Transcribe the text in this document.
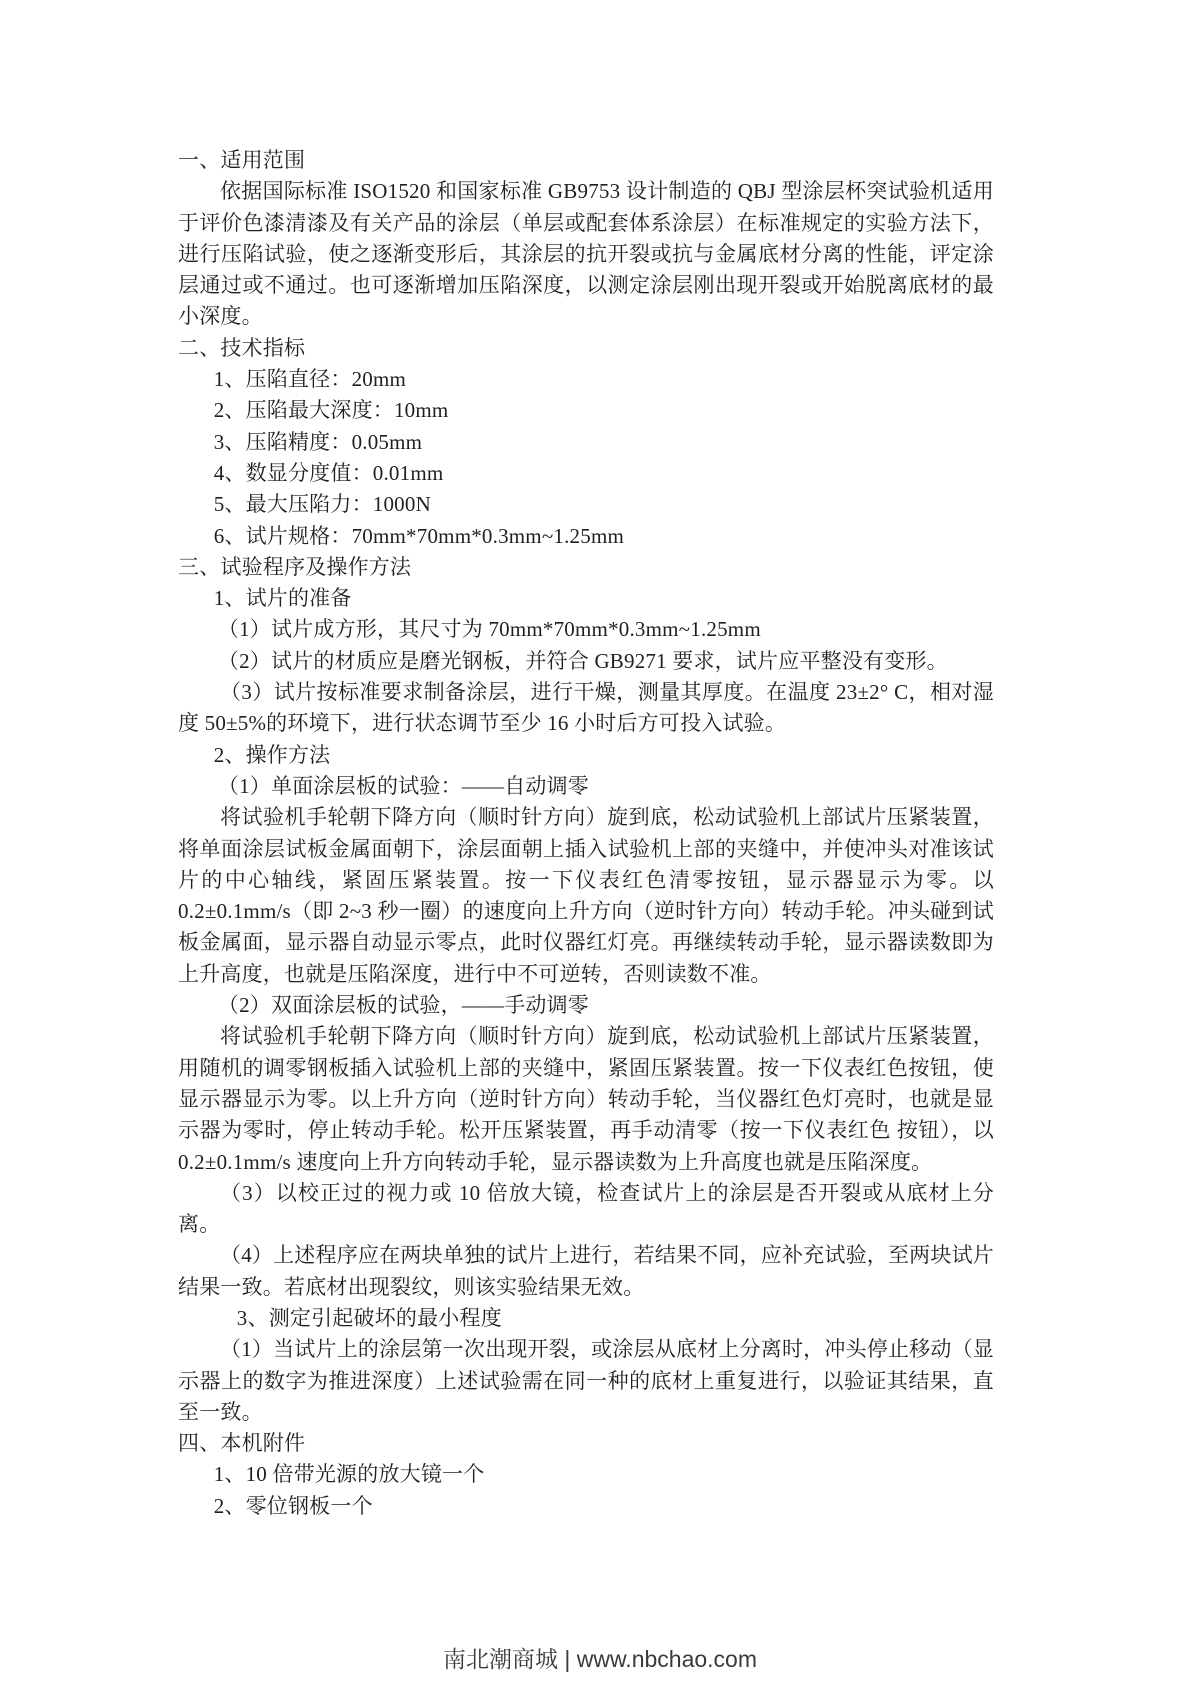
一、适用范围

依据国际标准 ISO1520 和国家标准 GB9753 设计制造的 QBJ 型涂层杯突试验机适用于评价色漆清漆及有关产品的涂层（单层或配套体系涂层）在标准规定的实验方法下，进行压陷试验，使之逐渐变形后，其涂层的抗开裂或抗与金属底材分离的性能，评定涂层通过或不通过。也可逐渐增加压陷深度，以测定涂层刚出现开裂或开始脱离底材的最小深度。

二、技术指标

1、压陷直径：20mm

2、压陷最大深度：10mm

3、压陷精度：0.05mm

4、数显分度值：0.01mm

5、最大压陷力：1000N

6、试片规格：70mm*70mm*0.3mm~1.25mm

三、试验程序及操作方法

1、试片的准备

（1）试片成方形，其尺寸为 70mm*70mm*0.3mm~1.25mm

（2）试片的材质应是磨光钢板，并符合 GB9271 要求，试片应平整没有变形。

（3）试片按标准要求制备涂层，进行干燥，测量其厚度。在温度 23±2° C，相对湿度 50±5%的环境下，进行状态调节至少 16 小时后方可投入试验。

2、操作方法

（1）单面涂层板的试验：——自动调零

将试验机手轮朝下降方向（顺时针方向）旋到底，松动试验机上部试片压紧装置，将单面涂层试板金属面朝下，涂层面朝上插入试验机上部的夹缝中，并使冲头对准该试片的中心轴线，紧固压紧装置。按一下仪表红色清零按钮，显示器显示为零。以 0.2±0.1mm/s（即 2~3 秒一圈）的速度向上升方向（逆时针方向）转动手轮。冲头碰到试板金属面，显示器自动显示零点，此时仪器红灯亮。再继续转动手轮，显示器读数即为上升高度，也就是压陷深度，进行中不可逆转，否则读数不准。

（2）双面涂层板的试验，——手动调零

将试验机手轮朝下降方向（顺时针方向）旋到底，松动试验机上部试片压紧装置，用随机的调零钢板插入试验机上部的夹缝中，紧固压紧装置。按一下仪表红色按钮，使显示器显示为零。以上升方向（逆时针方向）转动手轮，当仪器红色灯亮时，也就是显示器为零时，停止转动手轮。松开压紧装置，再手动清零（按一下仪表红色 按钮），以 0.2±0.1mm/s 速度向上升方向转动手轮，显示器读数为上升高度也就是压陷深度。

（3）以校正过的视力或 10 倍放大镜，检查试片上的涂层是否开裂或从底材上分离。

（4）上述程序应在两块单独的试片上进行，若结果不同，应补充试验，至两块试片结果一致。若底材出现裂纹，则该实验结果无效。

3、测定引起破坏的最小程度

（1）当试片上的涂层第一次出现开裂，或涂层从底材上分离时，冲头停止移动（显示器上的数字为推进深度）上述试验需在同一种的底材上重复进行，以验证其结果，直至一致。

四、本机附件

1、10 倍带光源的放大镜一个

2、零位钢板一个

南北潮商城 | www.nbchao.com
